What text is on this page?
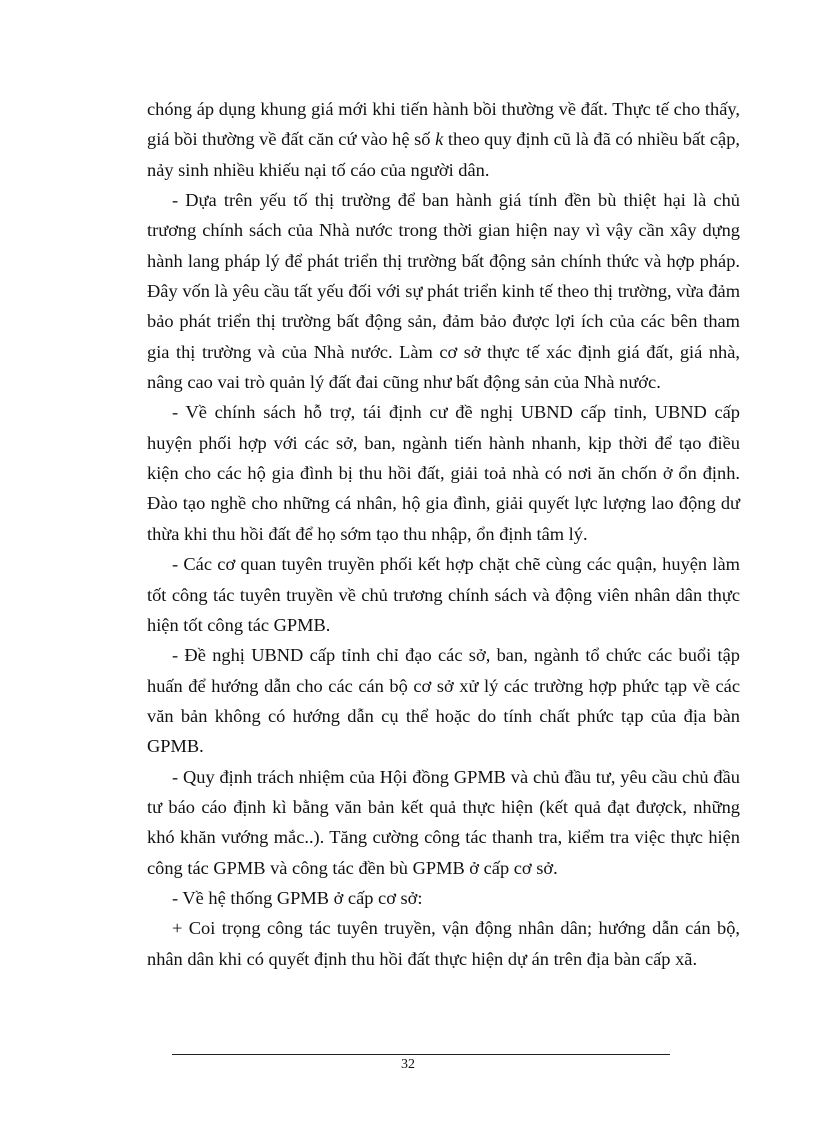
chóng áp dụng khung giá mới khi tiến hành bồi thường về đất. Thực tế cho thấy, giá bồi thường về đất căn cứ vào hệ số k theo quy định cũ là đã có nhiều bất cập, nảy sinh nhiều khiếu nại tố cáo của người dân.

- Dựa trên yếu tố thị trường để ban hành giá tính đền bù thiệt hại là chủ trương chính sách của Nhà nước trong thời gian hiện nay vì vậy cần xây dựng hành lang pháp lý để phát triển thị trường bất động sản chính thức và hợp pháp. Đây vốn là yêu cầu tất yếu đối với sự phát triển kinh tế theo thị trường, vừa đảm bảo phát triển thị trường bất động sản, đảm bảo được lợi ích của các bên tham gia thị trường và của Nhà nước. Làm cơ sở thực tế xác định giá đất, giá nhà, nâng cao vai trò quản lý đất đai cũng như bất động sản của Nhà nước.

- Về chính sách hỗ trợ, tái định cư đề nghị UBND cấp tỉnh, UBND cấp huyện phối hợp với các sở, ban, ngành tiến hành nhanh, kịp thời để tạo điều kiện cho các hộ gia đình bị thu hồi đất, giải toả nhà có nơi ăn chốn ở ổn định. Đào tạo nghề cho những cá nhân, hộ gia đình, giải quyết lực lượng lao động dư thừa khi thu hồi đất để họ sớm tạo thu nhập, ổn định tâm lý.

- Các cơ quan tuyên truyền phối kết hợp chặt chẽ cùng các quận, huyện làm tốt công tác tuyên truyền về chủ trương chính sách và động viên nhân dân thực hiện tốt công tác GPMB.

- Đề nghị UBND cấp tỉnh chỉ đạo các sở, ban, ngành tổ chức các buổi tập huấn để hướng dẫn cho các cán bộ cơ sở xử lý các trường hợp phức tạp về các văn bản không có hướng dẫn cụ thể hoặc do tính chất phức tạp của địa bàn GPMB.

- Quy định trách nhiệm của Hội đồng GPMB và chủ đầu tư, yêu cầu chủ đầu tư báo cáo định kì bằng văn bản kết quả thực hiện (kết quả đạt đượck, những khó khăn vướng mắc..). Tăng cường công tác thanh tra, kiểm tra việc thực hiện công tác GPMB và công tác đền bù GPMB ở cấp cơ sở.

- Về hệ thống GPMB ở cấp cơ sở:

+ Coi trọng công tác tuyên truyền, vận động nhân dân; hướng dẫn cán bộ, nhân dân khi có quyết định thu hồi đất thực hiện dự án trên địa bàn cấp xã.

32
